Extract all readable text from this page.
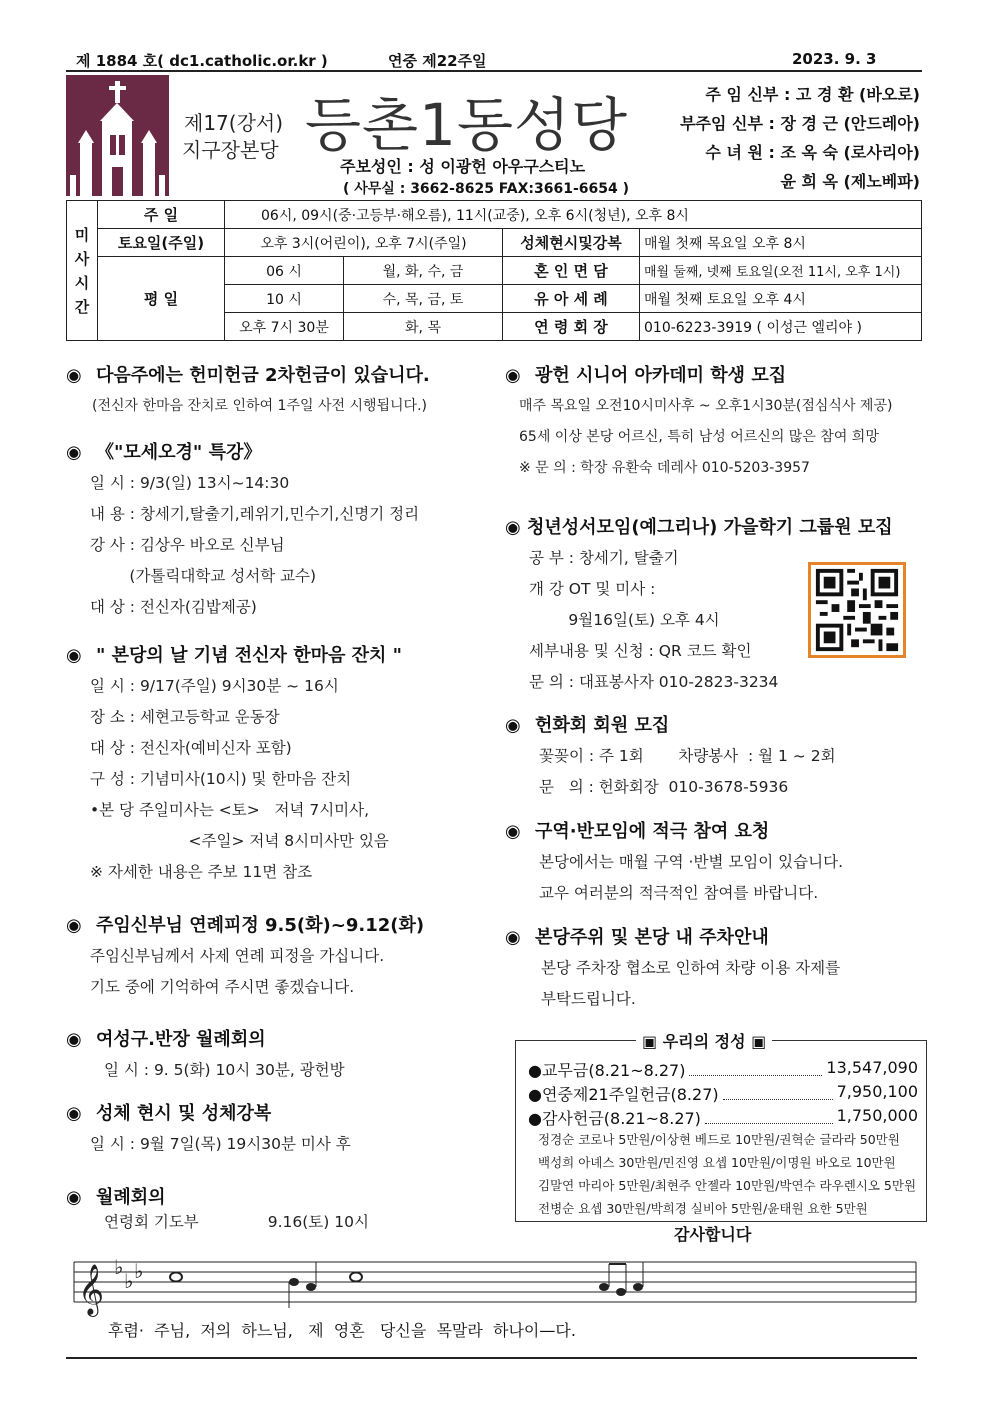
제 1884 호( dc1.catholic.or.kr )	연중 제22주일	2023. 9. 3
제17(강서)
지구장본당 등촌1동성당
주보성인 : 성 이광헌 아우구스티노
( 사무실 : 3662-8625 FAX:3661-6654 )
주 임 신부 : 고 경 환 (바오로)
부주임 신부 : 장 경 근 (안드레아)
수 녀 원 : 조 옥 숙 (로사리아)
윤 희 옥 (제노베파)
미
사
시
간	주 일	06시, 09시(중·고등부·해오름), 11시(교중), 오후 6시(청년), 오후 8시			
	토요일(주일)	오후 3시(어린이), 오후 7시(주일)		성체현시및강복	매월 첫째 목요일 오후 8시
	평 일	06 시	월, 화, 수, 금	혼 인 면 담	매월 둘째, 넷째 토요일(오전 11시, 오후 1시)
		10 시	수, 목, 금, 토	유 아 세 례	매월 첫째 토요일 오후 4시
		오후 7시 30분	화, 목	연 령 회 장	010-6223-3919 ( 이성근 엘리야 )
◉ 다음주에는 헌미헌금 2차헌금이 있습니다.
(전신자 한마음 잔치로 인하여 1주일 사전 시행됩니다.)
◉ 《"모세오경" 특강》
일 시 : 9/3(일) 13시~14:30
내 용 : 창세기,탈출기,레위기,민수기,신명기 정리
강 사 : 김상우 바오로 신부님
(가톨릭대학교 성서학 교수)
대 상 : 전신자(김밥제공)
◉ " 본당의 날 기념 전신자 한마음 잔치 "
일 시 : 9/17(주일) 9시30분 ~ 16시
장 소 : 세현고등학교 운동장
대 상 : 전신자(예비신자 포함)
구 성 : 기념미사(10시) 및 한마음 잔치
•본 당 주일미사는 <토>   저녁 7시미사,
<주일> 저녁 8시미사만 있음
※ 자세한 내용은 주보 11면 참조
◉ 주임신부님 연례피정 9.5(화)~9.12(화)
주임신부님께서 사제 연례 피정을 가십니다.
기도 중에 기억하여 주시면 좋겠습니다.
◉ 여성구.반장 월례회의
일 시 : 9. 5(화) 10시 30분, 광헌방
◉ 성체 현시 및 성체강복
일 시 : 9월 7일(목) 19시30분 미사 후
◉ 월례회의
연령회 기도부              9.16(토) 10시
◉ 광헌 시니어 아카데미 학생 모집
매주 목요일 오전10시미사후 ~ 오후1시30분(점심식사 제공)
65세 이상 본당 어르신, 특히 남성 어르신의 많은 참여 희망
※ 문 의 : 학장 유환숙 데레사 010-5203-3957
◉ 청년성서모임(예그리나) 가을학기 그룹원 모집
공 부 : 창세기, 탈출기
개 강 OT 및 미사 :
9월16일(토) 오후 4시
세부내용 및 신청 : QR 코드 확인
문 의 : 대표봉사자 010-2823-3234
◉ 헌화회 회원 모집
꽃꽂이 : 주 1회       차량봉사  : 월 1 ~ 2회
문   의 : 헌화회장  010-3678-5936
◉ 구역·반모임에 적극 참여 요청
본당에서는 매월 구역 ·반별 모임이 있습니다.
교우 여러분의 적극적인 참여를 바랍니다.
◉ 본당주위 및 본당 내 주차안내
본당 주차장 협소로 인하여 차량 이용 자제를
부탁드립니다.
▣ 우리의 정성 ▣
●교무금(8.21~8.27)	13,547,090
●연중제21주일헌금(8.27)	7,950,100
●감사헌금(8.21~8.27)	1,750,000
정경순 코로나 5만원/이상현 베드로 10만원/권혁순 글라라 50만원
백성희 아녜스 30만원/민진영 요셉 10만원/이명원 바오로 10만원
김말연 마리아 5만원/최현주 안젤라 10만원/박연수 라우렌시오 5만원
전병순 요셉 30만원/박희경 실비아 5만원/윤태원 요한 5만원
감사합니다
𝄞 ♭
♭ ♭
후렴·  주님,  저의  하느님,   제  영혼   당신을  목말라  하나이—다.
